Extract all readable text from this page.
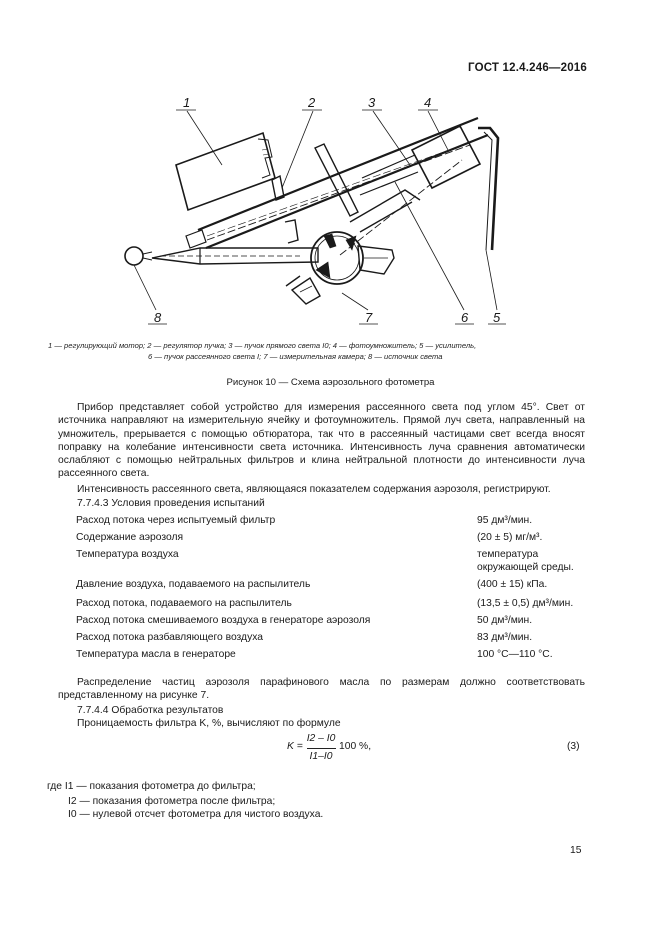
ГОСТ 12.4.246—2016
1	2	3	4
5
6
7
8
1 — регулирующий мотор; 2 — регулятор пучка; 3 — пучок прямого света I0; 4 — фотоумножитель; 5 — усилитель,
6 — пучок рассеянного света I; 7 — измерительная камера; 8 — источник света
Рисунок 10 — Схема аэрозольного фотометра
Прибор представляет собой устройство для измерения рассеянного света под углом 45°. Свет от источника направляют на измерительную ячейку и фотоумножитель. Прямой луч света, направленный на умножитель, прерывается с помощью обтюратора, так что в рассеянный частицами свет всегда вносят поправку на колебание интенсивности света источника. Интенсивность луча сравнения автоматически ослабляют с помощью нейтральных фильтров и клина нейтральной плотности до интенсивности луча рассеянного света.
Интенсивность рассеянного света, являющаяся показателем содержания аэрозоля, регистрируют.
7.7.4.3 Условия проведения испытаний
Расход потока через испытуемый фильтр	95 дм³/мин.
Содержание аэрозоля	(20 ± 5) мг/м³.
Температура воздуха	температура окружающей среды.
Давление воздуха, подаваемого на распылитель	(400 ± 15) кПа.
Расход потока, подаваемого на распылитель	(13,5 ± 0,5) дм³/мин.
Расход потока смешиваемого воздуха в генераторе аэрозоля	50 дм³/мин.
Расход потока разбавляющего воздуха	83 дм³/мин.
Температура масла в генераторе	100 °C—110 °C.
Распределение частиц аэрозоля парафинового масла по размерам должно соответствовать представленному на рисунке 7.
7.7.4.4 Обработка результатов
Проницаемость фильтра K, %, вычисляют по формуле
K =
I2 – I0
I1–I0
100 %,	(3)
где I1 — показания фотометра до фильтра;
I2 — показания фотометра после фильтра;
I0 — нулевой отсчет фотометра для чистого воздуха.
15
